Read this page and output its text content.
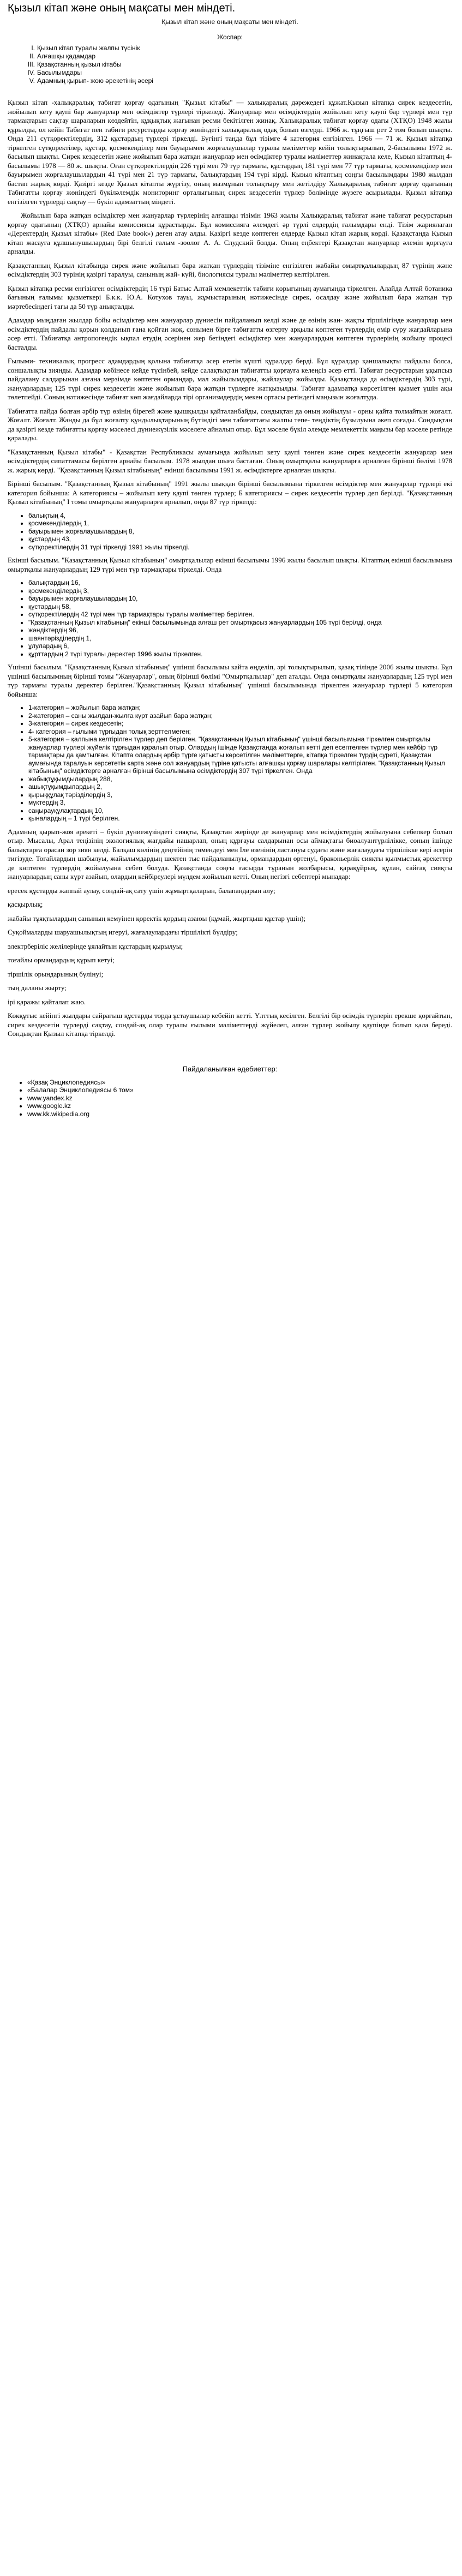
Қызыл кітап және оның мақсаты мен міндеті.
Қызыл кітап және оның мақсаты мен міндеті.
Жоспар:
I. Қызыл кітап туралы жалпы түсінік
II. Алғашқы қадамдар
III. Қазақстанның қызыл кітабы
IV. Басылымдары
V. Адамның қырып- жою әрекетінің әсері

Қызыл кітап -халықаралық табиғат қорғау одағының "Қызыл кітабы" — халықаралық дәрежедегі құжат.Қызыл кітапқа сирек кездесетін, жойылып кету қаупі бар жануарлар мен өсімдіктер түрлері тіркеледі. Жануарлар мен өсімдіктердің жойылып кету қаупі бар түрлері мен түр тармақтарын сақтау шараларын көздейтін, құқықтық жағынан ресми бекітілген жинақ. Халықаралық табиғат қорғау одағы (ХТҚО) 1948 жылы құрылды, ол кейін Табиғат пен табиғи ресурстарды қорғау жөніндегі халықаралық одақ болып өзгерді. 1966 ж. тұңғыш рет 2 том болып шықты. Онда 211 сүтқоректілердің, 312 құстардың түрлері тіркелді. Бүгінгі таңда бұл тізімге 4 категория енгізілген. 1966 — 71 ж. Қызыл кітапқа тіркелген сүтқоректілер, құстар, қосмекенділер мен бауырымен жорғалаушылар туралы мәліметтер кейін толықтырылып, 2-басылымы 1972 ж. басылып шықты. Сирек кездесетін және жойылып бара жатқан жануарлар мен өсімдіктер туралы мәліметтер жинақтала келе, Қызыл кітаптың 4-басылымы 1978 — 80 ж. шықты. Оған сүтқоректілердің 226 түрі мен 79 түр тармағы, құстардың 181 түрі мен 77 түр тармағы, қосмекенділер мен бауырымен жорғалаушылардың 41 түрі мен 21 түр тармағы, балықтардың 194 түрі кірді. Қызыл кітаптың соңғы басылымдары 1980 жылдан бастап жарық көрді. Қазіргі кезде Қызыл кітапты жүргізу, оның мазмұнын толықтыру мен жетілдіру Халықаралық табиғат қорғау одағының Табиғатты қорғау жөніндегі бүкіләлемдік мониторинг орталығының сирек кездесетін түрлер бөлімінде жүзеге асырылады. Қызыл кітапқа енгізілген түрлерді сақтау — бүкіл адамзаттың міндеті.

Жойылып бара жатқан өсімдіктер мен жануарлар түрлерінің алғашқы тізімін 1963 жылы Халықаралық табиғат және табиғат ресурстарын қорғау одағының (ХТҚО) арнайы комиссиясы құрастырды. Бұл комиссияға әлемдегі әр түрлі елдердің ғалымдары енді. Тізім жариялаған «Деректердің Қызыл кітабы» (Red Date book») деген атау алды. Қазіргі кезде көптеген елдерде Қызыл кітап жарық көрді. Қазақстанда Қызыл кітап жасауға құлшынушылардың бірі белгілі ғалым -зоолог А. А. Слудский болды. Оның еңбектері Қазақстан жануарлар әлемін қорғауға арналды.

Қазақстанның Қызыл кітабында сирек және жойылып бара жатқан түрлердің тізіміне енгізілген жабайы омыртқалылардың 87 түрінің және өсімдіктердің 303 түрінің қазіргі таралуы, санының жай- күйі, биологиясы туралы мәліметтер келтірілген.

Қызыл кітапқа ресми енгізілген өсімдіктердің 16 түрі Батыс Алтай мемлекеттік табиғи қорығының аумағында тіркелген. Алайда Алтай ботаника бағының ғалымы қызметкері Б.к.к. Ю.А. Котухов тауы, жұмыстарының нәтижесінде сирек, осалдау және жойылып бара жатқан түр мәртебесіндегі тағы да 50 түр анықталды.

Адамдар мыңдаған жылдар бойы өсімдіктер мен жануарлар дүниесін пайдаланып келді және де өзінің жан- жақты тіршілігінде жануарлар мен өсімдіктердің пайдалы қорын қолданып ғана қойған жоқ, сонымен бірге табиғатты өзгерту арқылы көптеген түрлердің өмір сүру жағдайларына әсер етті. Табиғатқа антропогендік ықпал етудің әсерінен жер бетіндегі өсімдіктер мен жануарлардың көптеген түрлерінің жойылу процесі басталды.

Ғылыми- техникалық прогресс адамдардың қолына табиғатқа әсер ететін күшті құралдар берді. Бұл құралдар қаншалықты пайдалы болса, соншалықты зиянды. Адамдар көбінесе кейде түсінбей, кейде салақтықтан табиғатты қорғауға келеңсіз әсер етті. Табиғат ресурстарын ұқыпсыз пайдалану салдарынан азғана мерзімде көптеген ормандар, мал жайылымдары, жайлаулар жойылды. Қазақстанда да өсімдіктердің 303 түрі, жануарлардың 125 түрі сирек кездесетін және жойылып бара жатқан түрлерге жатқызылды. Табиғат адамзатқа көрсетілген қызмет үшін ақы төлетпейді. Соның нәтижесінде табиғат көп жағдайларда тірі организмдердің мекен ортасы ретіндегі маңызын жоғалтуда.

Табиғатта пайда болған әрбір түр өзінің бірегей және қышқылды қайталанбайды, сондықтан да оның жойылуы - орны қайта толмайтын жоғалт. Жоғалт. Жоғалт. Жанды да бұл жоғалту құндылықтарының бүтіндігі мен табиғаттағы жалпы тепе- теңдіктің бұзылуына әкеп соғады. Сондықтан да қазіргі кезде табиғатты қорғау мәселесі дүниежүзілік мәселеге айналып отыр. Бұл мәселе бүкіл әлемде мемлекеттік маңызы бар мәселе ретінде қаралады.

"Қазақстанның Қызыл кітабы" - Қазақстан Республикасы аумағында жойылып кету қаупі төнген және сирек кездесетін жануарлар мен өсімдіктердің сипаттамасы берілген арнайы басылым. 1978 жылдан шыға бастаған. Оның омыртқалы жануарларға арналған бірінші бөлімі 1978 ж. жарық көрді. "Қазақстанның Қызыл кітабының" екінші басылымы 1991 ж. өсімдіктерге арналған шықты.

Бірінші басылым. "Қазақстанның Қызыл кітабының" 1991 жылы шыққан бірінші басылымына тіркелген өсімдіктер мен жануарлар түрлері екі категория бойынша: А категориясы – жойылып кету қаупі төнген түрлер; Б категориясы – сирек кездесетін түрлер деп берілді. "Қазақстанның Қызыл кітабының" I томы омыртқалы жануарларға арналып, онда 87 түр тіркелді:

• балықтың 4,
• қосмекенділердің 1,
• бауырымен жорғалаушылардың 8,
• құстардың 43,
• сүтқоректілердің 31 түрі тіркелді 1991 жылы тіркелді.

Екінші басылым. "Қазақстанның Қызыл кітабының" омыртқалылар екінші басылымы 1996 жылы басылып шықты. Кітаптың екінші басылымына омыртқалы жануарлардың 129 түрі мен түр тармақтары тіркелді. Онда

• балықтардың 16,
• қосмекенділердің 3,
• бауырымен жорғалаушылардың 10,
• құстардың 58,
• сүтқоректілердің 42 түрі мен түр тармақтары туралы мәліметтер берілген.
• "Қазақстанның Қызыл кітабының" екінші басылымында алғаш рет омыртқасыз жануарлардың 105 түрі берілді, онда
• жәндіктердің 96,
• шаянтәрізділердің 1,
• ұлулардың 6,
• құрттардың 2 түрі туралы деректер 1996 жылы тіркелген.

Үшінші басылым. "Қазақстанның Қызыл кітабының" үшінші басылымы кайта өңделіп, әрі толықтырылып, қазақ тілінде 2006 жылы шықты. Бұл үшінші басылымның бірінші томы "Жануарлар", оның бірінші бөлімі "Омыртқалылар" деп аталды. Онда омыртқалы жануарлардың 125 түрі мен түр тармағы туралы деректер берілген."Қазақстанның Қызыл кітабының" үшінші басылымында тіркелген жануарлар түрлері 5 категория бойынша:

• 1-категория – жойылып бара жатқан;
• 2-категория – саны жылдан-жылға күрт азайып бара жатқан;
• 3-категория – сирек кездесетін;
• 4- категория – ғылыми тұрғыдан толық зерттелмеген;
• 5-категория – қалпына келтірілген түрлер деп берілген. "Қазақстанның Қызыл кітабының" үшінші басылымына тіркелген омыртқалы жануарлар түрлері жүйелік тұрғыдан қаралып отыр. Олардың ішінде Қазақстанда жоғалып кетті деп есептелген түрлер мен кейбір түр тармақтары да қамтылған. Кітапта олардың әрбір түрге қатысты көрсетілген мәліметтерге, кітапқа тіркелген түрдің суреті, Қазақстан аумағында таралуын көрсететін карта және сол жануардың түріне қатысты алғашқы қорғау шаралары келтірілген. "Қазақстанның Қызыл кітабының" өсімдіктерге арналған бірінші басылымына өсімдіктердің 307 түрі тіркелген. Онда
• жабықтұқымдылардың 288,
• ашықтұқымдылардың 2,
• қырыққұлақ тәрізділердің 3,
• мүктердің 3,
• саңырауқұлақтардың 10,
• қыналардың – 1 түрі берілген.

Адамның қырып-жоя әрекеті – бүкіл дүниежүзіндегі сияқты, Қазақстан жерінде де жануарлар мен өсімдіктердің жойылуына себепкер болып отыр. Мысалы, Арал теңізінің экологиялық жағдайы нашарлап, оның құрғауы салдарынан осы аймақтағы биоалуантүрлілікке, соның ішінде балықтарға орасан зор зиян келді. Балқаш көлінің деңгейінің төмендеуі мен Іле өзенінің ластануы судағы және жағалаудағы тіршілікке кері әсерін тигізуде. Тоғайлардың шабылуы, жайылымдардың шектен тыс пайдаланылуы, ормандардың өртенуі, браконьерлік сияқты қылмыстық әрекеттер де көптеген түрлердің жойылуына себеп болуда. Қазақстанда соңғы ғасырда тұранын жолбарысы, қарақұйрық, құлан, сайғақ сияқты жануарлардың саны күрт азайып, олардың кейбіреулері мүлдем жойылып кетті. Оның негізгі себептері мынадар:

ересек құстарды жаппай аулау, сондай-ақ сату үшін жұмыртқаларын, балапандарын алу;

қасқырлық;

жабайы тұяқтылардың санының кемуінен қоректік қордың азаюы (құмай, жыртқыш құстар үшін);

Суқоймаларды шаруашылықтың игеруі, жағалаулардағы тіршілікті бүлдіру;

электрберіліс желілерінде ұялайтын құстардың қырылуы;

тоғайлы ормандардың құрып кетуі;

тіршілік орындарының бүлінуі;

тың даланы жырту;

ірі қаражы қайталап жаю.

Көкқұтыс кейінгі жылдары сайрағыш құстарды торда ұстаушылар кебейіп кетті. Үлттық кесілген. Белгілі бір өсімдік түрлерін ерекше қорғайтын, сирек кездесетін түрлерді сақтау, сондай-ақ олар туралы ғылыми мәліметтерді жүйелеп, алған түрлер жойылу қаупінде болып қала береді. Сондықтан Қызыл кітапқа тіркелді.

Пайдаланылған әдебиеттер:
• «Қазақ Энциклопедиясы»
• «Балалар Энциклопедиясы 6 том»
• www.yandex.kz
• www.google.kz
• www.kk.wikipedia.org
